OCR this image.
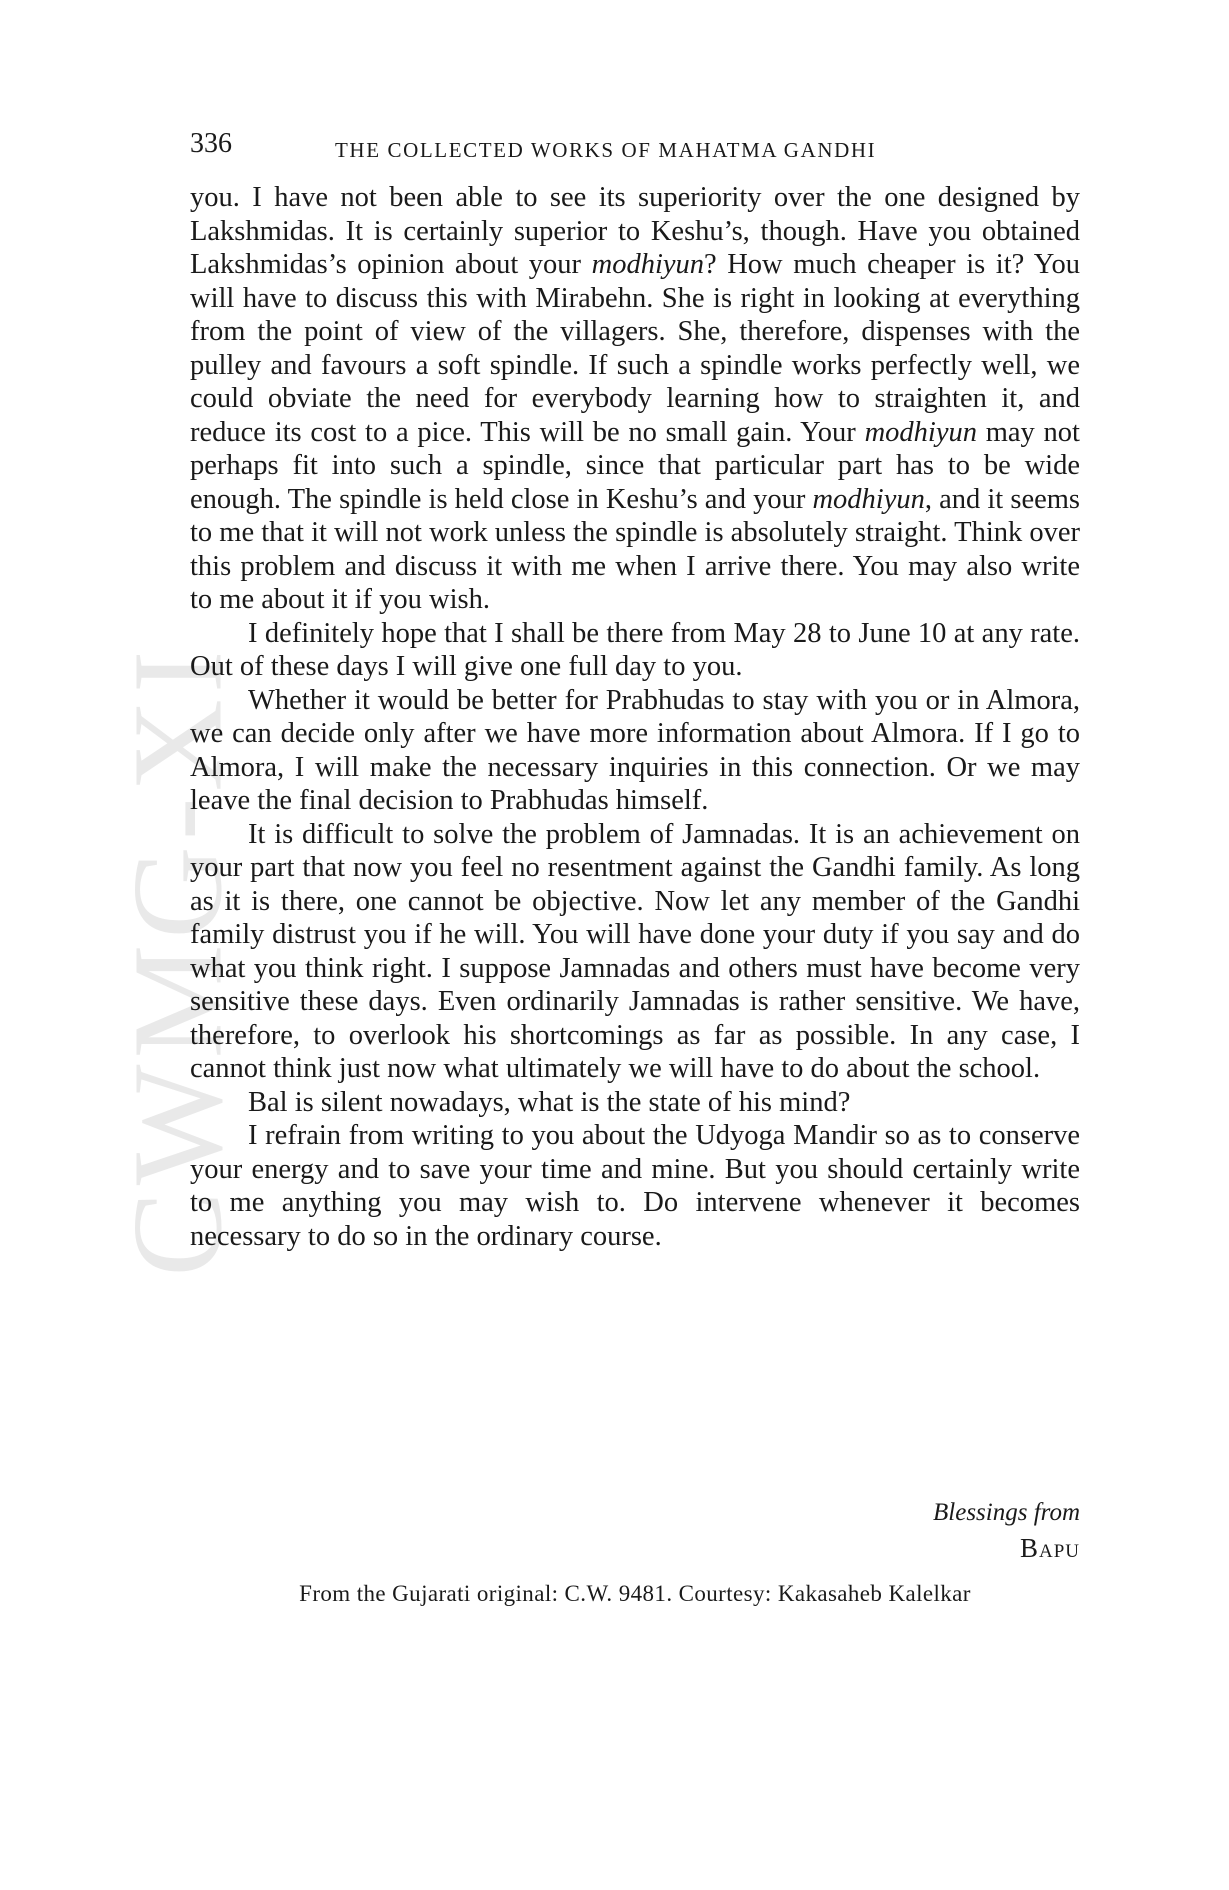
CWMG-XI
336	THE COLLECTED WORKS OF MAHATMA GANDHI

you. I have not been able to see its superiority over the one designed by Lakshmidas. It is certainly superior to Keshu’s, though. Have you obtained Lakshmidas’s opinion about your modhiyun? How much cheaper is it? You will have to discuss this with Mirabehn. She is right in looking at everything from the point of view of the villagers. She, therefore, dispenses with the pulley and favours a soft spindle. If such a spindle works perfectly well, we could obviate the need for everybody learning how to straighten it, and reduce its cost to a pice. This will be no small gain. Your modhiyun may not perhaps fit into such a spindle, since that particular part has to be wide enough. The spindle is held close in Keshu’s and your modhiyun, and it seems to me that it will not work unless the spindle is absolutely straight. Think over this problem and discuss it with me when I arrive there. You may also write to me about it if you wish.

I definitely hope that I shall be there from May 28 to June 10 at any rate. Out of these days I will give one full day to you.

Whether it would be better for Prabhudas to stay with you or in Almora, we can decide only after we have more information about Almora. If I go to Almora, I will make the necessary inquiries in this connection. Or we may leave the final decision to Prabhudas himself.

It is difficult to solve the problem of Jamnadas. It is an achievement on your part that now you feel no resentment against the Gandhi family. As long as it is there, one cannot be objective. Now let any member of the Gandhi family distrust you if he will. You will have done your duty if you say and do what you think right. I suppose Jamnadas and others must have become very sensitive these days. Even ordinarily Jamnadas is rather sensitive. We have, therefore, to overlook his shortcomings as far as possible. In any case, I cannot think just now what ultimately we will have to do about the school.

Bal is silent nowadays, what is the state of his mind?

I refrain from writing to you about the Udyoga Mandir so as to conserve your energy and to save your time and mine. But you should certainly write to me anything you may wish to. Do intervene whenever it becomes necessary to do so in the ordinary course.

Blessings from
Bapu
From the Gujarati original: C.W. 9481. Courtesy: Kakasaheb Kalelkar
